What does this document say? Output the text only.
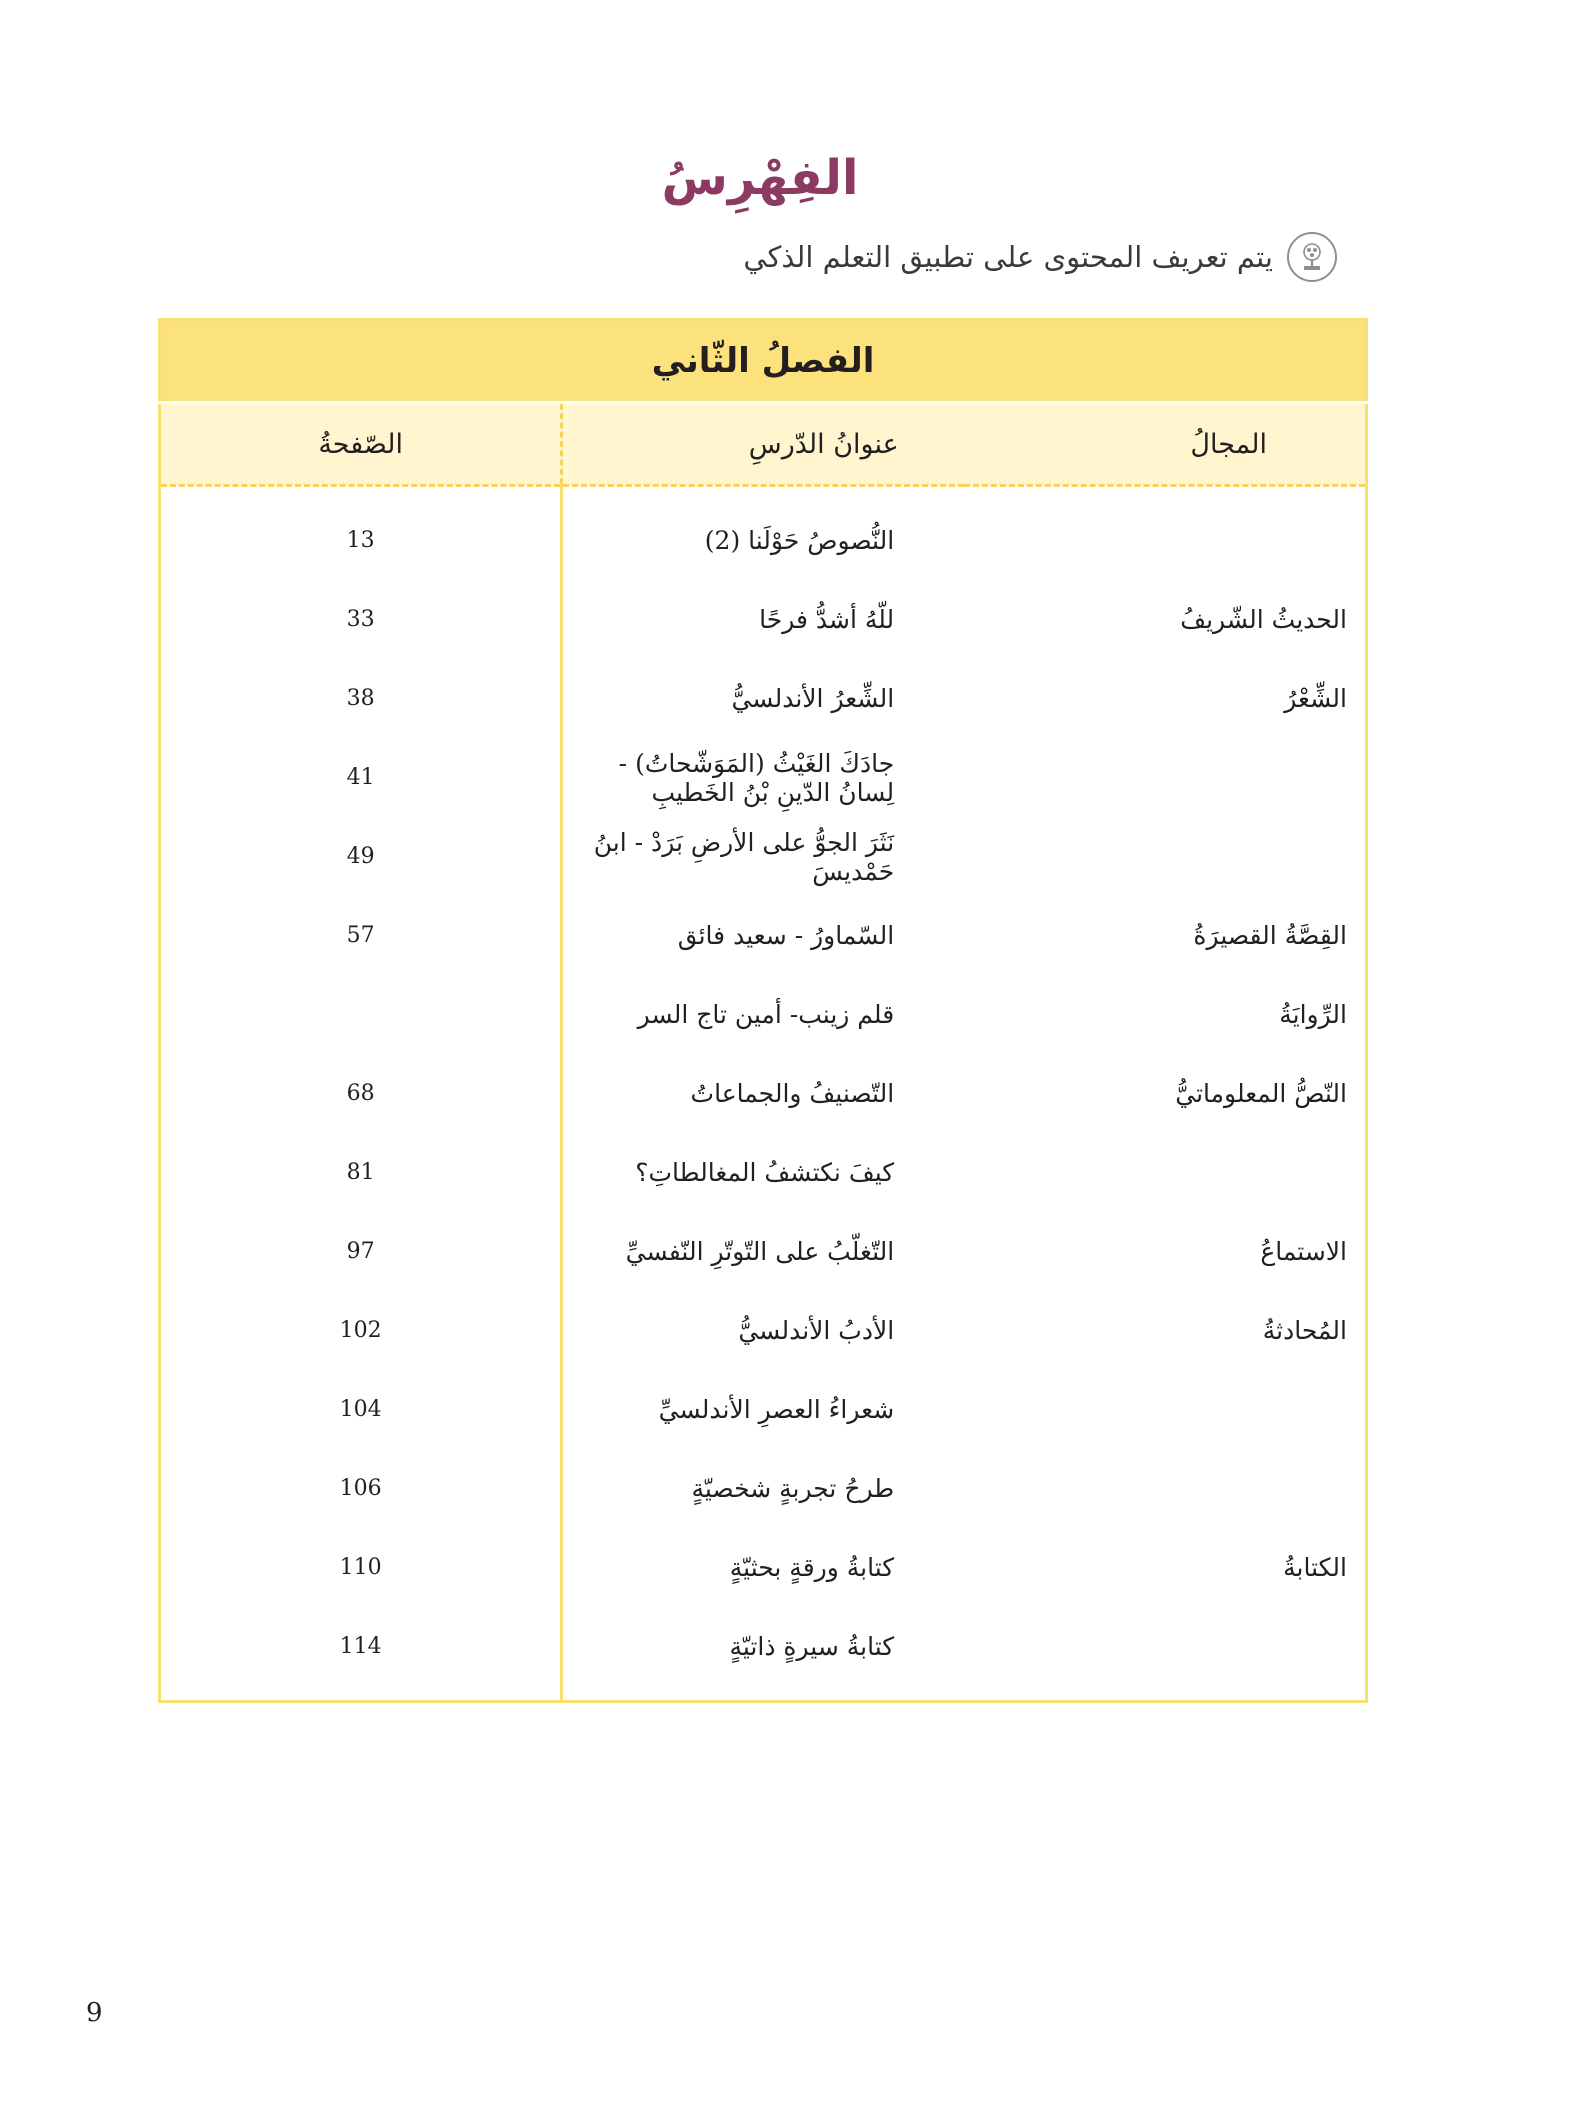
الفِهْرِسُ
يتم تعريف المحتوى على تطبيق التعلم الذكي
الفصلُ الثّاني		
المجالُ	عنوانُ الدّرسِ	الصّفحةُ
	النُّصوصُ حَوْلَنا (2)	13
الحديثُ الشّريفُ	للّهُ أشدُّ فرحًا	33
الشِّعْرُ	الشِّعرُ الأندلسيُّ	38
	جادَكَ الغَيْثُ (المَوَشّحاتُ) - لِسانُ الدّينِ بْنُ الخَطيبِ	41
	نَثَرَ الجوُّ على الأرضِ بَرَدْ - ابنُ حَمْديسَ	49
القِصَّةُ القصيرَةُ	السّماورُ - سعيد فائق	57
الرِّوايَةُ	قلم زينب- أمين تاج السر	
النّصُّ المعلوماتيُّ	التّصنيفُ والجماعاتُ	68
	كيفَ نكتشفُ المغالطاتِ؟	81
الاستماعُ	التّغلّبُ على التّوتّرِ النّفسيِّ	97
المُحادثةُ	الأدبُ الأندلسيُّ	102
	شعراءُ العصرِ الأندلسيِّ	104
	طرحُ تجربةٍ شخصيّةٍ	106
الكتابةُ	كتابةُ ورقةٍ بحثيّةٍ	110
	كتابةُ سيرةٍ ذاتيّةٍ	114
9
